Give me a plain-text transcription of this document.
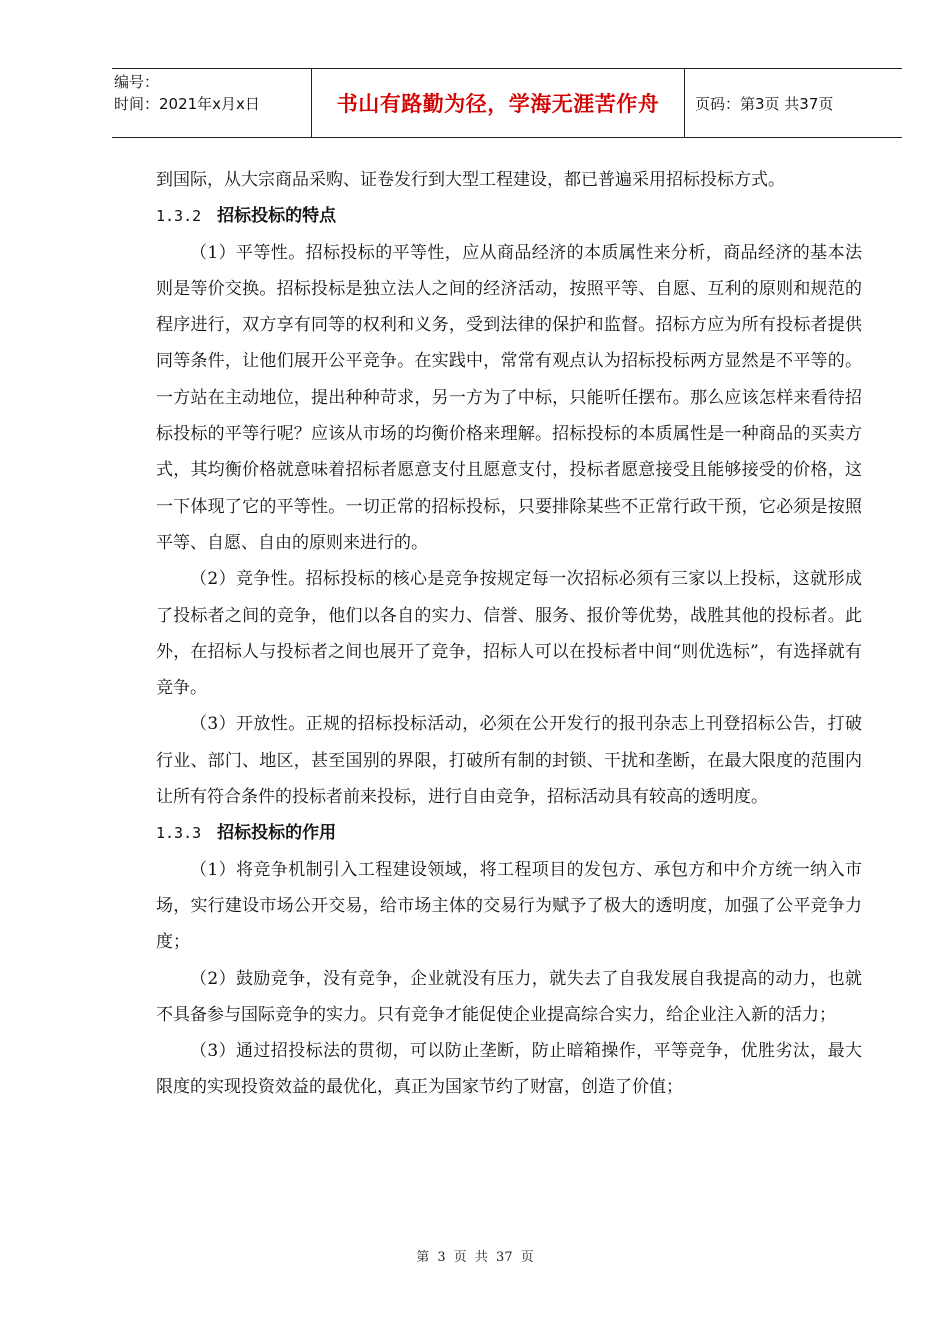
编号：
时间：2021年x月x日	书山有路勤为径，学海无涯苦作舟	页码：第3页 共37页

到国际，从大宗商品采购、证卷发行到大型工程建设，都已普遍采用招标投标方式。

1.3.2 招标投标的特点

（1）平等性。招标投标的平等性，应从商品经济的本质属性来分析，商品经济的基本法则是等价交换。招标投标是独立法人之间的经济活动，按照平等、自愿、互利的原则和规范的程序进行，双方享有同等的权利和义务，受到法律的保护和监督。招标方应为所有投标者提供同等条件，让他们展开公平竞争。在实践中，常常有观点认为招标投标两方显然是不平等的。一方站在主动地位，提出种种苛求，另一方为了中标，只能听任摆布。那么应该怎样来看待招标投标的平等行呢？应该从市场的均衡价格来理解。招标投标的本质属性是一种商品的买卖方式，其均衡价格就意味着招标者愿意支付且愿意支付，投标者愿意接受且能够接受的价格，这一下体现了它的平等性。一切正常的招标投标，只要排除某些不正常行政干预，它必须是按照平等、自愿、自由的原则来进行的。

（2）竞争性。招标投标的核心是竞争按规定每一次招标必须有三家以上投标，这就形成了投标者之间的竞争，他们以各自的实力、信誉、服务、报价等优势，战胜其他的投标者。此外，在招标人与投标者之间也展开了竞争，招标人可以在投标者中间“则优选标”，有选择就有竞争。

（3）开放性。正规的招标投标活动，必须在公开发行的报刊杂志上刊登招标公告，打破行业、部门、地区，甚至国别的界限，打破所有制的封锁、干扰和垄断，在最大限度的范围内让所有符合条件的投标者前来投标，进行自由竞争，招标活动具有较高的透明度。

1.3.3 招标投标的作用

（1）将竞争机制引入工程建设领域，将工程项目的发包方、承包方和中介方统一纳入市场，实行建设市场公开交易，给市场主体的交易行为赋予了极大的透明度，加强了公平竞争力度；

（2）鼓励竞争，没有竞争，企业就没有压力，就失去了自我发展自我提高的动力，也就不具备参与国际竞争的实力。只有竞争才能促使企业提高综合实力，给企业注入新的活力；

（3）通过招投标法的贯彻，可以防止垄断，防止暗箱操作，平等竞争，优胜劣汰，最大限度的实现投资效益的最优化，真正为国家节约了财富，创造了价值；

第 3 页 共 37 页
